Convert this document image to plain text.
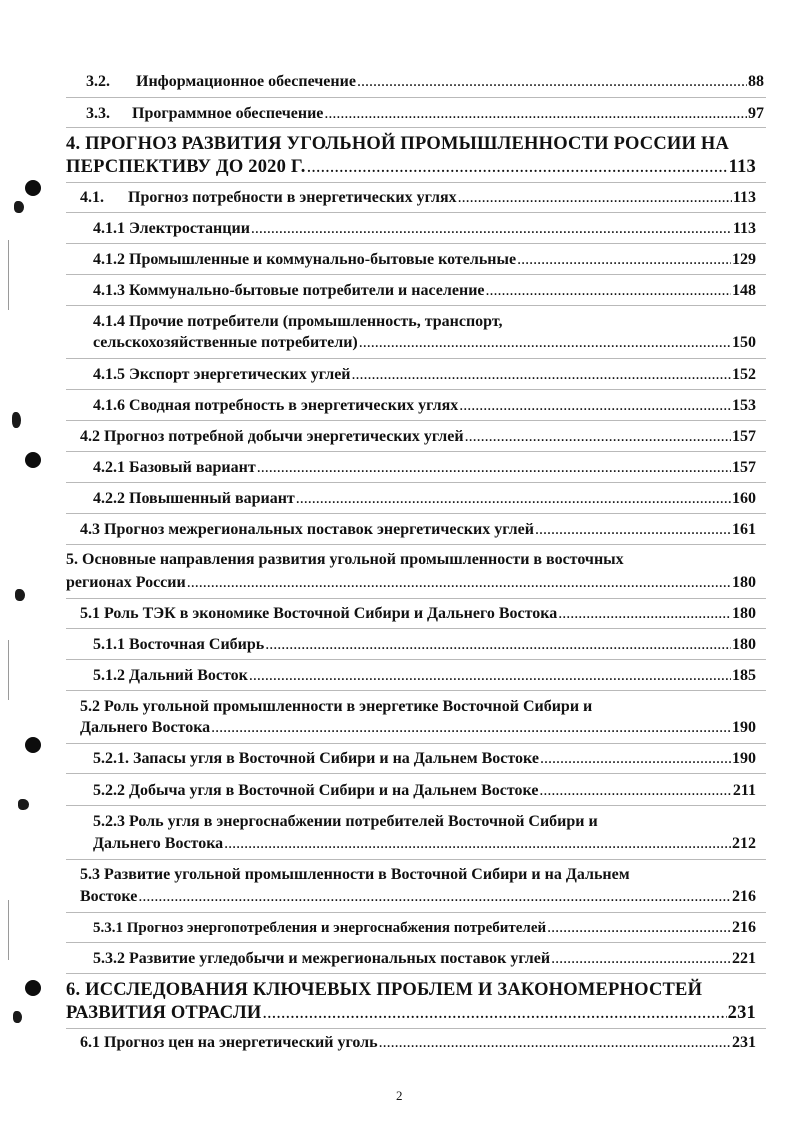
3.2.	Информационное обеспечение .....	88
3.3.	Программное обеспечение .....	97
4. ПРОГНОЗ РАЗВИТИЯ УГОЛЬНОЙ ПРОМЫШЛЕННОСТИ РОССИИ НА
ПЕРСПЕКТИВУ ДО 2020 Г. .....	113
4.1.	Прогноз потребности в энергетических углях .....	113
4.1.1 Электростанции .....	113
4.1.2 Промышленные и коммунально-бытовые котельные .....	129
4.1.3 Коммунально-бытовые потребители и население .....	148
4.1.4 Прочие потребители (промышленность, транспорт,
сельскохозяйственные потребители) .....	150
4.1.5 Экспорт энергетических углей .....	152
4.1.6 Сводная потребность в энергетических углях .....	153
4.2 Прогноз потребной добычи энергетических углей .....	157
4.2.1 Базовый вариант .....	157
4.2.2 Повышенный вариант .....	160
4.3 Прогноз межрегиональных поставок энергетических углей .....	161
5. Основные направления развития угольной промышленности в восточных
регионах России .....	180
5.1 Роль ТЭК в экономике Восточной Сибири и Дальнего Востока .....	180
5.1.1 Восточная Сибирь .....	180
5.1.2 Дальний Восток .....	185
5.2 Роль угольной промышленности в энергетике Восточной Сибири и
Дальнего Востока .....	190
5.2.1. Запасы угля в Восточной Сибири и на Дальнем Востоке .....	190
5.2.2 Добыча угля в Восточной Сибири и на Дальнем Востоке .....	211
5.2.3 Роль угля в энергоснабжении потребителей Восточной Сибири и
Дальнего Востока .....	212
5.3 Развитие угольной промышленности в Восточной Сибири и на Дальнем
Востоке .....	216
5.3.1 Прогноз энергопотребления и энергоснабжения потребителей .....	216
5.3.2 Развитие угледобычи и межрегиональных поставок углей .....	221
6. ИССЛЕДОВАНИЯ КЛЮЧЕВЫХ ПРОБЛЕМ И ЗАКОНОМЕРНОСТЕЙ
РАЗВИТИЯ ОТРАСЛИ .....	231
6.1 Прогноз цен на энергетический уголь .....	231
2
